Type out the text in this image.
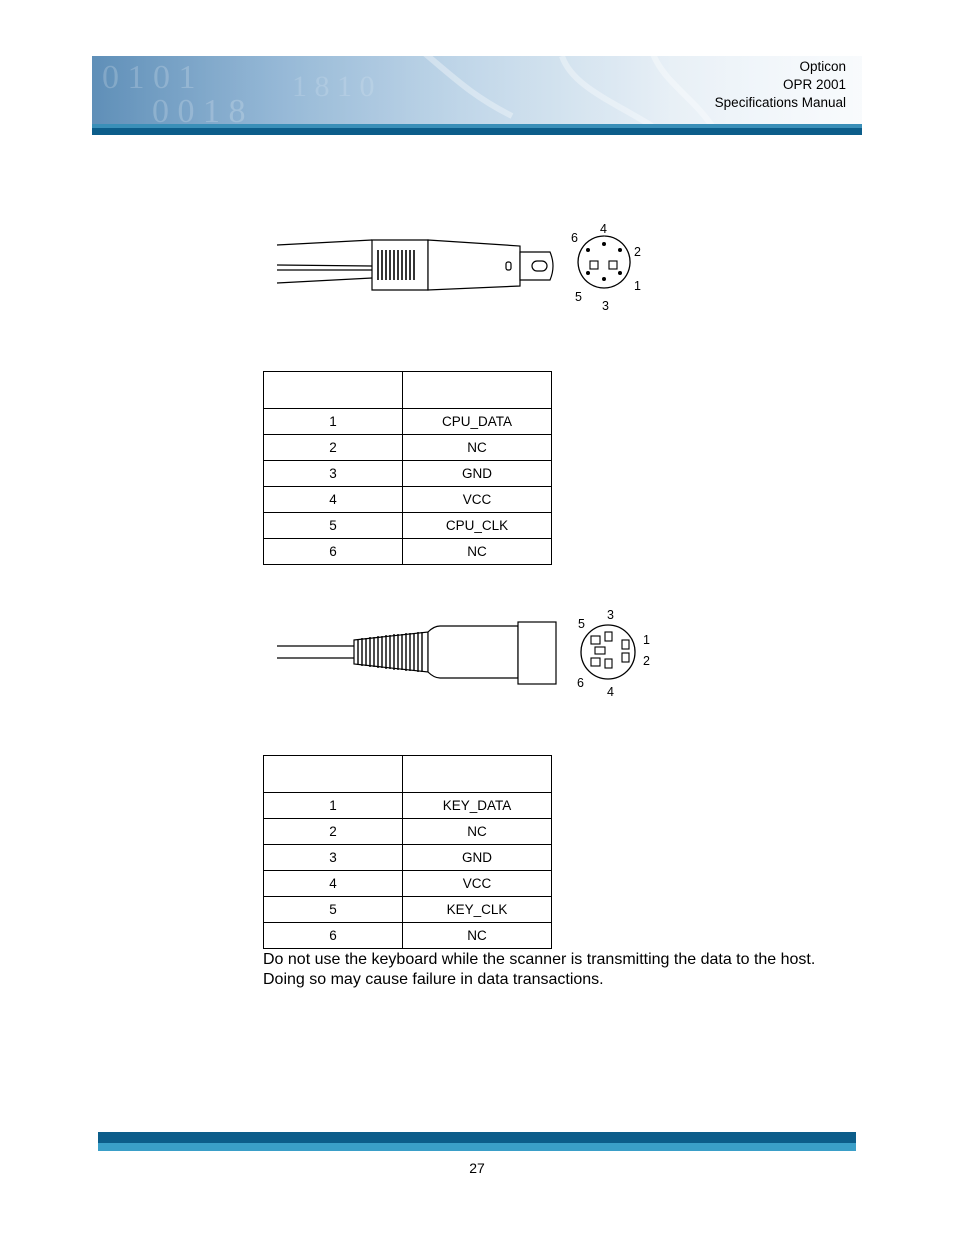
Opticon
OPR 2001
Specifications Manual
4
6
2
1
5
3

1	CPU_DATA
2	NC
3	GND
4	VCC
5	CPU_CLK
6	NC
3
5
1
2
6
4

1	KEY_DATA
2	NC
3	GND
4	VCC
5	KEY_CLK
6	NC
Do not use the keyboard while the scanner is transmitting the data to the host.
Doing so may cause failure in data transactions.
27
